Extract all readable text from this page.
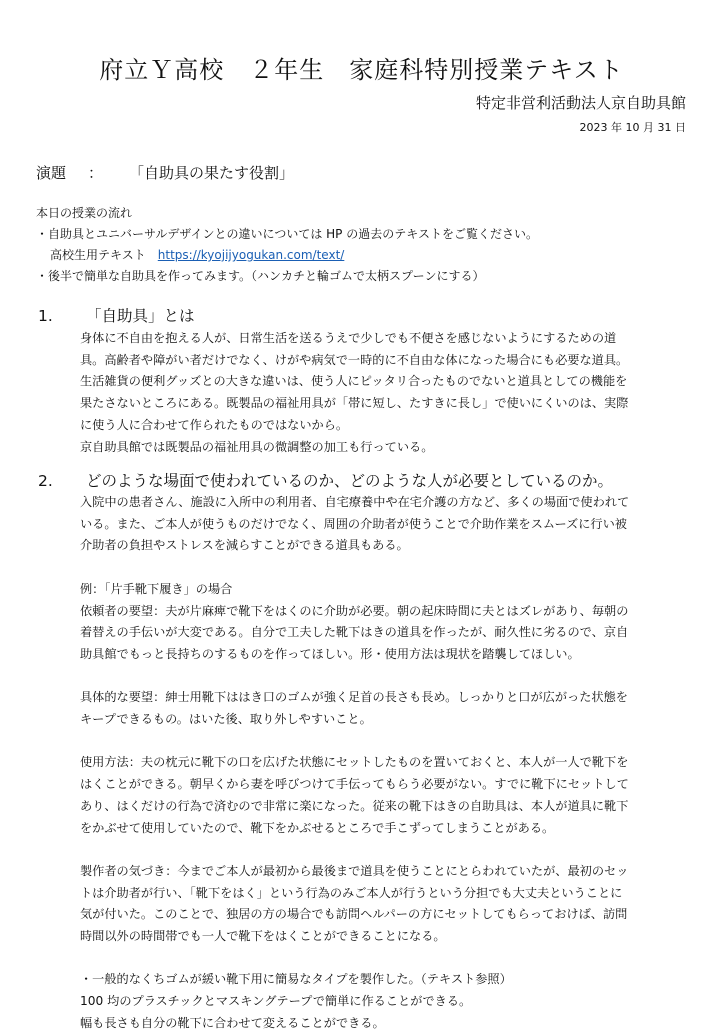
府立Ｙ高校　２年生　家庭科特別授業テキスト
特定非営利活動法人京自助具館
2023 年 10 月 31 日
演題 ： 「自助具の果たす役割」
本日の授業の流れ
・自助具とユニバーサルデザインとの違いについては HP の過去のテキストをご覧ください。
高校生用テキスト https://kyojijyogukan.com/text/
・後半で簡単な自助具を作ってみます。（ハンカチと輪ゴムで太柄スプーンにする）
1. 「自助具」とは

身体に不自由を抱える人が、日常生活を送るうえで少しでも不便さを感じないようにするための道

具。高齢者や障がい者だけでなく、けがや病気で一時的に不自由な体になった場合にも必要な道具。

生活雑貨の便利グッズとの大きな違いは、使う人にピッタリ合ったものでないと道具としての機能を

果たさないところにある。既製品の福祉用具が「帯に短し、たすきに長し」で使いにくいのは、実際

に使う人に合わせて作られたものではないから。

京自助具館では既製品の福祉用具の微調整の加工も行っている。

2. どのような場面で使われているのか、どのような人が必要としているのか。

入院中の患者さん、施設に入所中の利用者、自宅療養中や在宅介護の方など、多くの場面で使われて

いる。また、ご本人が使うものだけでなく、周囲の介助者が使うことで介助作業をスムーズに行い被

介助者の負担やストレスを減らすことができる道具もある。

例：「片手靴下履き」の場合

依頼者の要望：夫が片麻痺で靴下をはくのに介助が必要。朝の起床時間に夫とはズレがあり、毎朝の

着替えの手伝いが大変である。自分で工夫した靴下はきの道具を作ったが、耐久性に劣るので、京自

助具館でもっと長持ちのするものを作ってほしい。形・使用方法は現状を踏襲してほしい。

具体的な要望：紳士用靴下ははき口のゴムが強く足首の長さも長め。しっかりと口が広がった状態を

キープできるもの。はいた後、取り外しやすいこと。

使用方法：夫の枕元に靴下の口を広げた状態にセットしたものを置いておくと、本人が一人で靴下を

はくことができる。朝早くから妻を呼びつけて手伝ってもらう必要がない。すでに靴下にセットして

あり、はくだけの行為で済むので非常に楽になった。従来の靴下はきの自助具は、本人が道具に靴下

をかぶせて使用していたので、靴下をかぶせるところで手こずってしまうことがある。

製作者の気づき：今までご本人が最初から最後まで道具を使うことにとらわれていたが、最初のセッ

トは介助者が行い、「靴下をはく」という行為のみご本人が行うという分担でも大丈夫ということに

気が付いた。このことで、独居の方の場合でも訪問ヘルパーの方にセットしてもらっておけば、訪問

時間以外の時間帯でも一人で靴下をはくことができることになる。

・一般的なくちゴムが緩い靴下用に簡易なタイプを製作した。（テキスト参照）

100 均のプラスチックとマスキングテープで簡単に作ることができる。

幅も長さも自分の靴下に合わせて変えることができる。
